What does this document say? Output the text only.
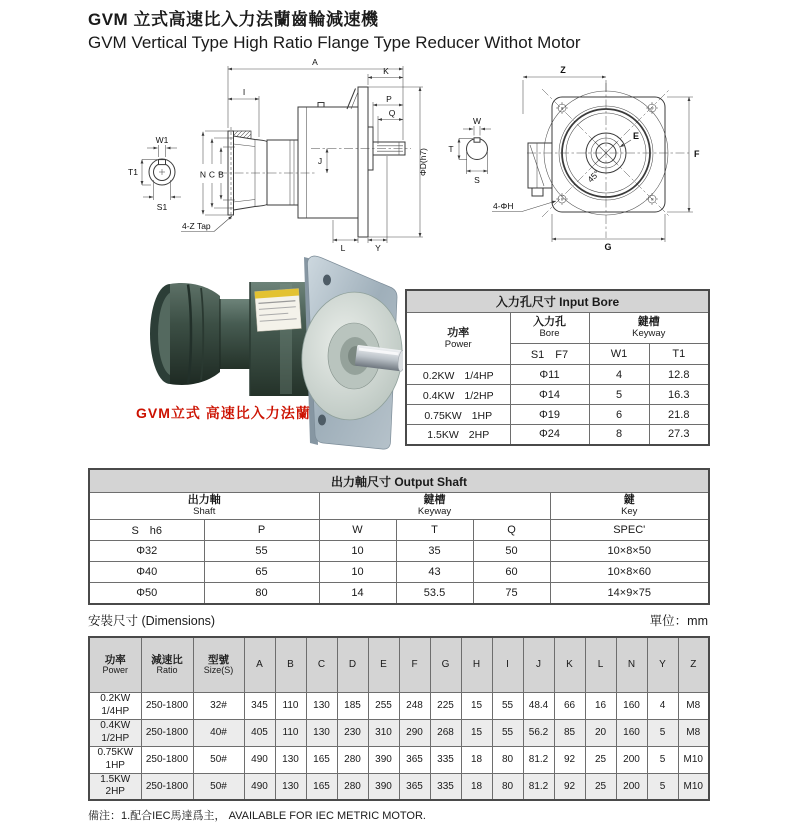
GVM 立式高速比入力法蘭齒輪減速機
GVM Vertical Type High Ratio Flange Type Reducer Withot Motor
W1
T1
S1
J
A
K
I
P
Q
ΦD(h7)
N C B
L	Y
4-Z Tap
W
T
S
Z
E
F
45°
4-ΦH
G
GVM立式 高速比入力法蘭
入力孔尺寸 Input Bore			

功率
Power

入力孔
Bore

鍵槽
Keyway

	S1　F7	W1	T1

0.2KW 1/4HP	Φ11	4	12.8

0.4KW 1/2HP	Φ14	5	16.3

0.75KW 1HP	Φ19	6	21.8

1.5KW 2HP	Φ24	8	27.3
出力軸尺寸 Output Shaft					

出力軸
Shaft

鍵槽
Keyway

鍵
Key

S　h6	P	W	T	Q	SPEC'
Φ32	55	10	35	50	10×8×50
Φ40	65	10	43	60	10×8×60
Φ50	80	14	53.5	75	14×9×75
安裝尺寸 (Dimensions)	單位：mm
功率
Power

減速比
Ratio

型號
Size(S)	A	B	C	D	E	F	G	H	I	J	K	L	N	Y	Z

0.2KW
1/4HP	250-1800	32#	345	110	130	185	255	248	225	15	55	48.4	66	16	160	4	M8

0.4KW
1/2HP	250-1800	40#	405	110	130	230	310	290	268	15	55	56.2	85	20	160	5	M8

0.75KW
1HP	250-1800	50#	490	130	165	280	390	365	335	18	80	81.2	92	25	200	5	M10

1.5KW
2HP	250-1800	50#	490	130	165	280	390	365	335	18	80	81.2	92	25	200	5	M10
備注：1.配合IEC馬達爲主， AVAILABLE FOR IEC METRIC MOTOR.
